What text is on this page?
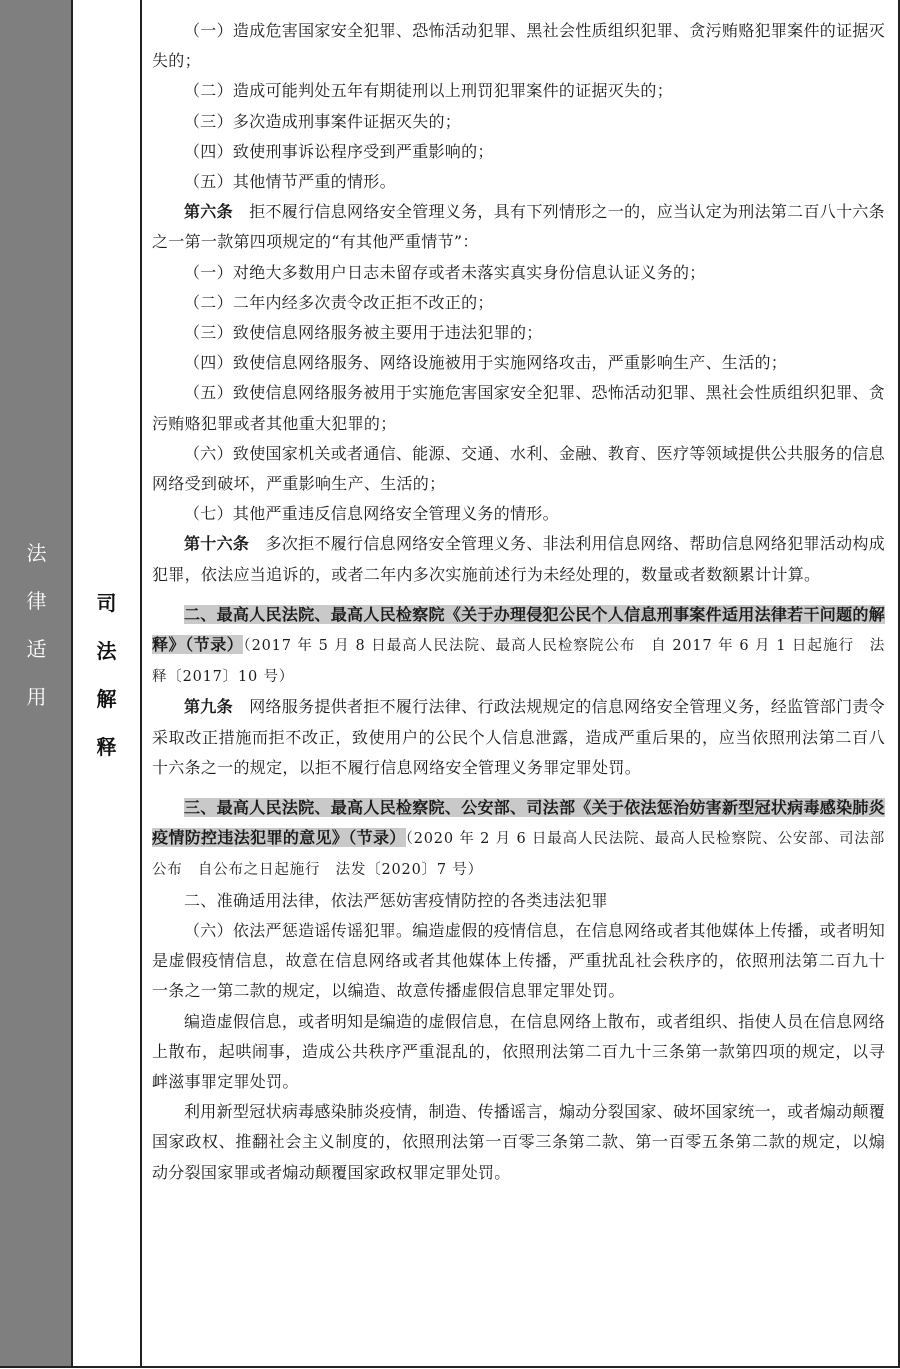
法
律
适
用
司
法
解
释

（一）造成危害国家安全犯罪、恐怖活动犯罪、黑社会性质组织犯罪、贪污贿赂犯罪案件的证据灭失的；

（二）造成可能判处五年有期徒刑以上刑罚犯罪案件的证据灭失的；

（三）多次造成刑事案件证据灭失的；

（四）致使刑事诉讼程序受到严重影响的；

（五）其他情节严重的情形。

第六条　拒不履行信息网络安全管理义务，具有下列情形之一的，应当认定为刑法第二百八十六条之一第一款第四项规定的“有其他严重情节”：

（一）对绝大多数用户日志未留存或者未落实真实身份信息认证义务的；

（二）二年内经多次责令改正拒不改正的；

（三）致使信息网络服务被主要用于违法犯罪的；

（四）致使信息网络服务、网络设施被用于实施网络攻击，严重影响生产、生活的；

（五）致使信息网络服务被用于实施危害国家安全犯罪、恐怖活动犯罪、黑社会性质组织犯罪、贪污贿赂犯罪或者其他重大犯罪的；

（六）致使国家机关或者通信、能源、交通、水利、金融、教育、医疗等领域提供公共服务的信息网络受到破坏，严重影响生产、生活的；

（七）其他严重违反信息网络安全管理义务的情形。

第十六条　多次拒不履行信息网络安全管理义务、非法利用信息网络、帮助信息网络犯罪活动构成犯罪，依法应当追诉的，或者二年内多次实施前述行为未经处理的，数量或者数额累计计算。

二、最高人民法院、最高人民检察院《关于办理侵犯公民个人信息刑事案件适用法律若干问题的解释》（节录）（2017 年 5 月 8 日最高人民法院、最高人民检察院公布　自 2017 年 6 月 1 日起施行　法释〔2017〕10 号）

第九条　网络服务提供者拒不履行法律、行政法规规定的信息网络安全管理义务，经监管部门责令采取改正措施而拒不改正，致使用户的公民个人信息泄露，造成严重后果的，应当依照刑法第二百八十六条之一的规定，以拒不履行信息网络安全管理义务罪定罪处罚。

三、最高人民法院、最高人民检察院、公安部、司法部《关于依法惩治妨害新型冠状病毒感染肺炎疫情防控违法犯罪的意见》（节录）（2020 年 2 月 6 日最高人民法院、最高人民检察院、公安部、司法部公布　自公布之日起施行　法发〔2020〕7 号）

二、准确适用法律，依法严惩妨害疫情防控的各类违法犯罪

（六）依法严惩造谣传谣犯罪。编造虚假的疫情信息，在信息网络或者其他媒体上传播，或者明知是虚假疫情信息，故意在信息网络或者其他媒体上传播，严重扰乱社会秩序的，依照刑法第二百九十一条之一第二款的规定，以编造、故意传播虚假信息罪定罪处罚。

编造虚假信息，或者明知是编造的虚假信息，在信息网络上散布，或者组织、指使人员在信息网络上散布，起哄闹事，造成公共秩序严重混乱的，依照刑法第二百九十三条第一款第四项的规定，以寻衅滋事罪定罪处罚。

利用新型冠状病毒感染肺炎疫情，制造、传播谣言，煽动分裂国家、破坏国家统一，或者煽动颠覆国家政权、推翻社会主义制度的，依照刑法第一百零三条第二款、第一百零五条第二款的规定，以煽动分裂国家罪或者煽动颠覆国家政权罪定罪处罚。
